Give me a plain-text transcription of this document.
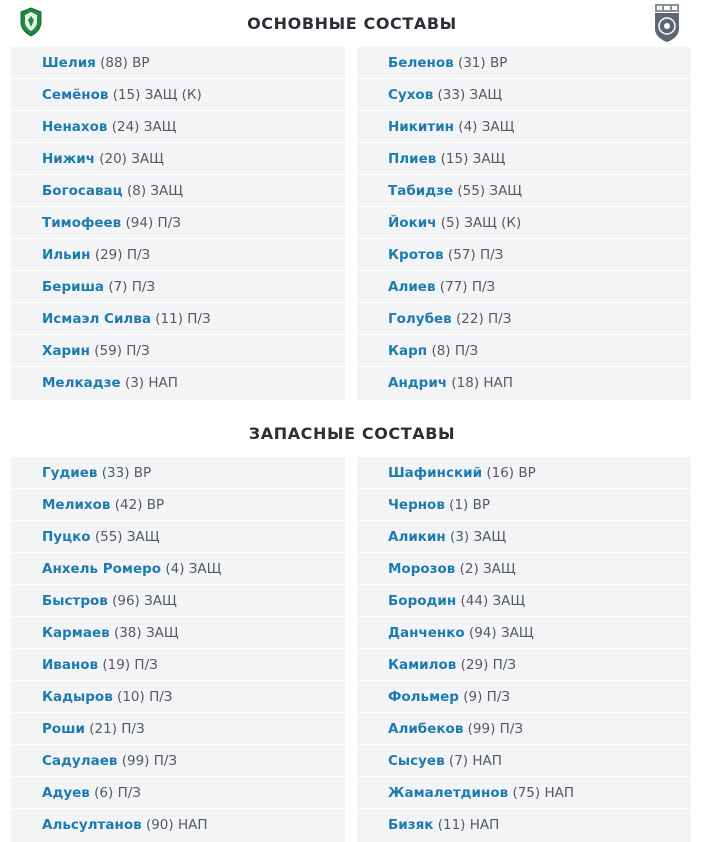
ОСНОВНЫЕ СОСТАВЫ
Шелия (88) ВР
Семёнов (15) ЗАЩ (К)
Ненахов (24) ЗАЩ
Нижич (20) ЗАЩ
Богосавац (8) ЗАЩ
Тимофеев (94) П/З
Ильин (29) П/З
Бериша (7) П/З
Исмаэл Силва (11) П/З
Харин (59) П/З
Мелкадзе (3) НАП
Беленов (31) ВР
Сухов (33) ЗАЩ
Никитин (4) ЗАЩ
Плиев (15) ЗАЩ
Табидзе (55) ЗАЩ
Йокич (5) ЗАЩ (К)
Кротов (57) П/З
Алиев (77) П/З
Голубев (22) П/З
Карп (8) П/З
Андрич (18) НАП
ЗАПАСНЫЕ СОСТАВЫ
Гудиев (33) ВР
Мелихов (42) ВР
Пуцко (55) ЗАЩ
Анхель Ромеро (4) ЗАЩ
Быстров (96) ЗАЩ
Кармаев (38) ЗАЩ
Иванов (19) П/З
Кадыров (10) П/З
Роши (21) П/З
Садулаев (99) П/З
Адуев (6) П/З
Альсултанов (90) НАП
Шафинский (16) ВР
Чернов (1) ВР
Аликин (3) ЗАЩ
Морозов (2) ЗАЩ
Бородин (44) ЗАЩ
Данченко (94) ЗАЩ
Камилов (29) П/З
Фольмер (9) П/З
Алибеков (99) П/З
Сысуев (7) НАП
Жамалетдинов (75) НАП
Бизяк (11) НАП
